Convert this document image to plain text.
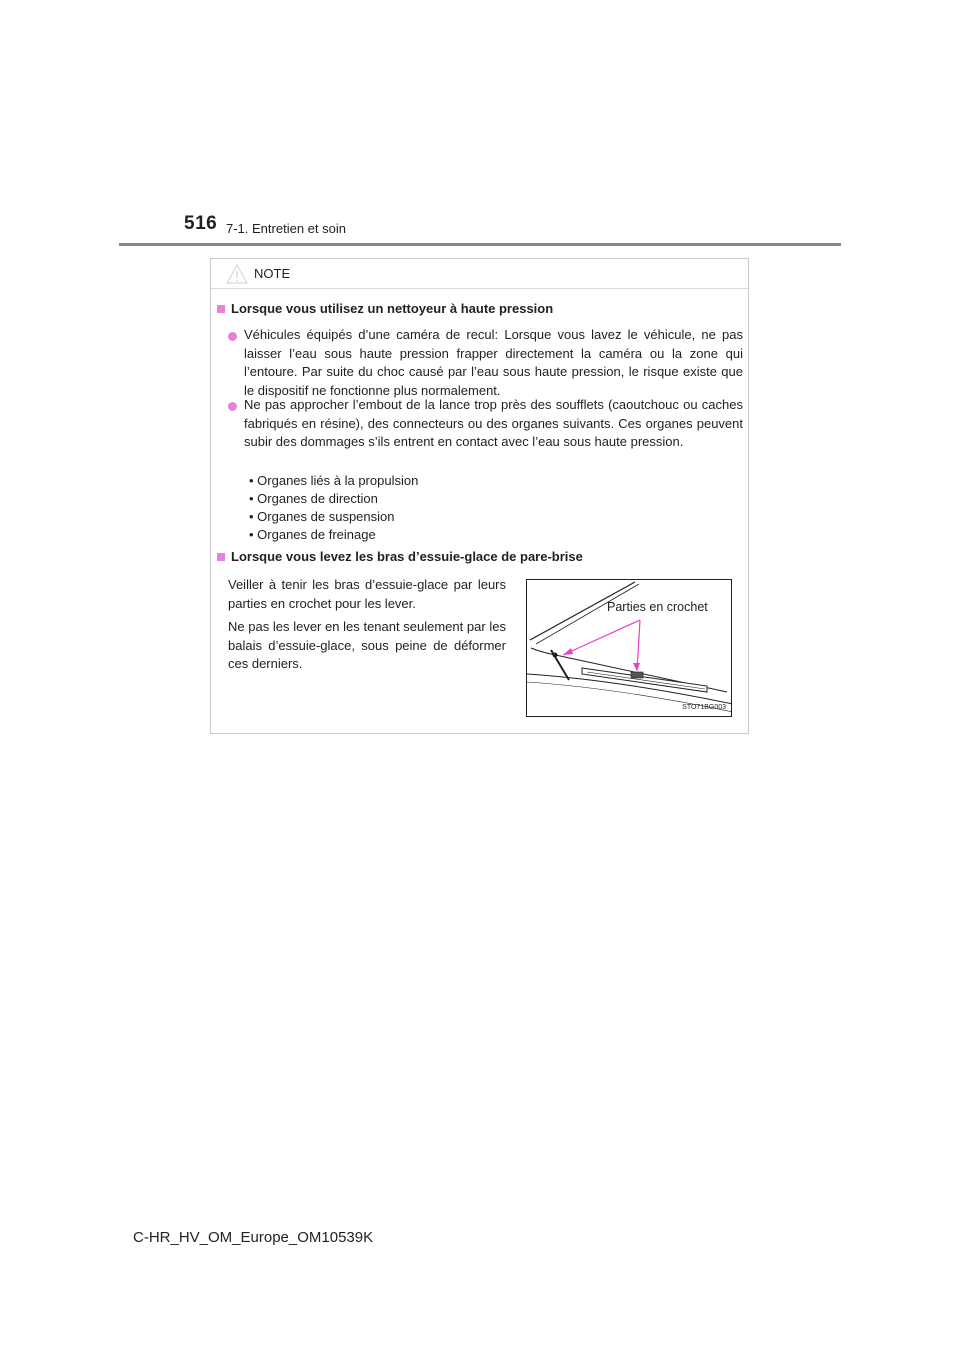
516 7-1. Entretien et soin
NOTE
Lorsque vous utilisez un nettoyeur à haute pression
Véhicules équipés d’une caméra de recul: Lorsque vous lavez le véhicule, ne pas laisser l’eau sous haute pression frapper directement la caméra ou la zone qui l’entoure. Par suite du choc causé par l’eau sous haute pression, le risque existe que le dispositif ne fonctionne plus normalement.
Ne pas approcher l’embout de la lance trop près des soufflets (caoutchouc ou caches fabriqués en résine), des connecteurs ou des organes suivants. Ces organes peuvent subir des dommages s’ils entrent en contact avec l’eau sous haute pression.
• Organes liés à la propulsion
• Organes de direction
• Organes de suspension
• Organes de freinage
Lorsque vous levez les bras d’essuie-glace de pare-brise
Veiller à tenir les bras d’essuie-glace par leurs parties en crochet pour les lever.
Ne pas les lever en les tenant seulement par les balais d’essuie-glace, sous peine de déformer ces derniers.
Parties en crochet
STO71BG003
C-HR_HV_OM_Europe_OM10539K
